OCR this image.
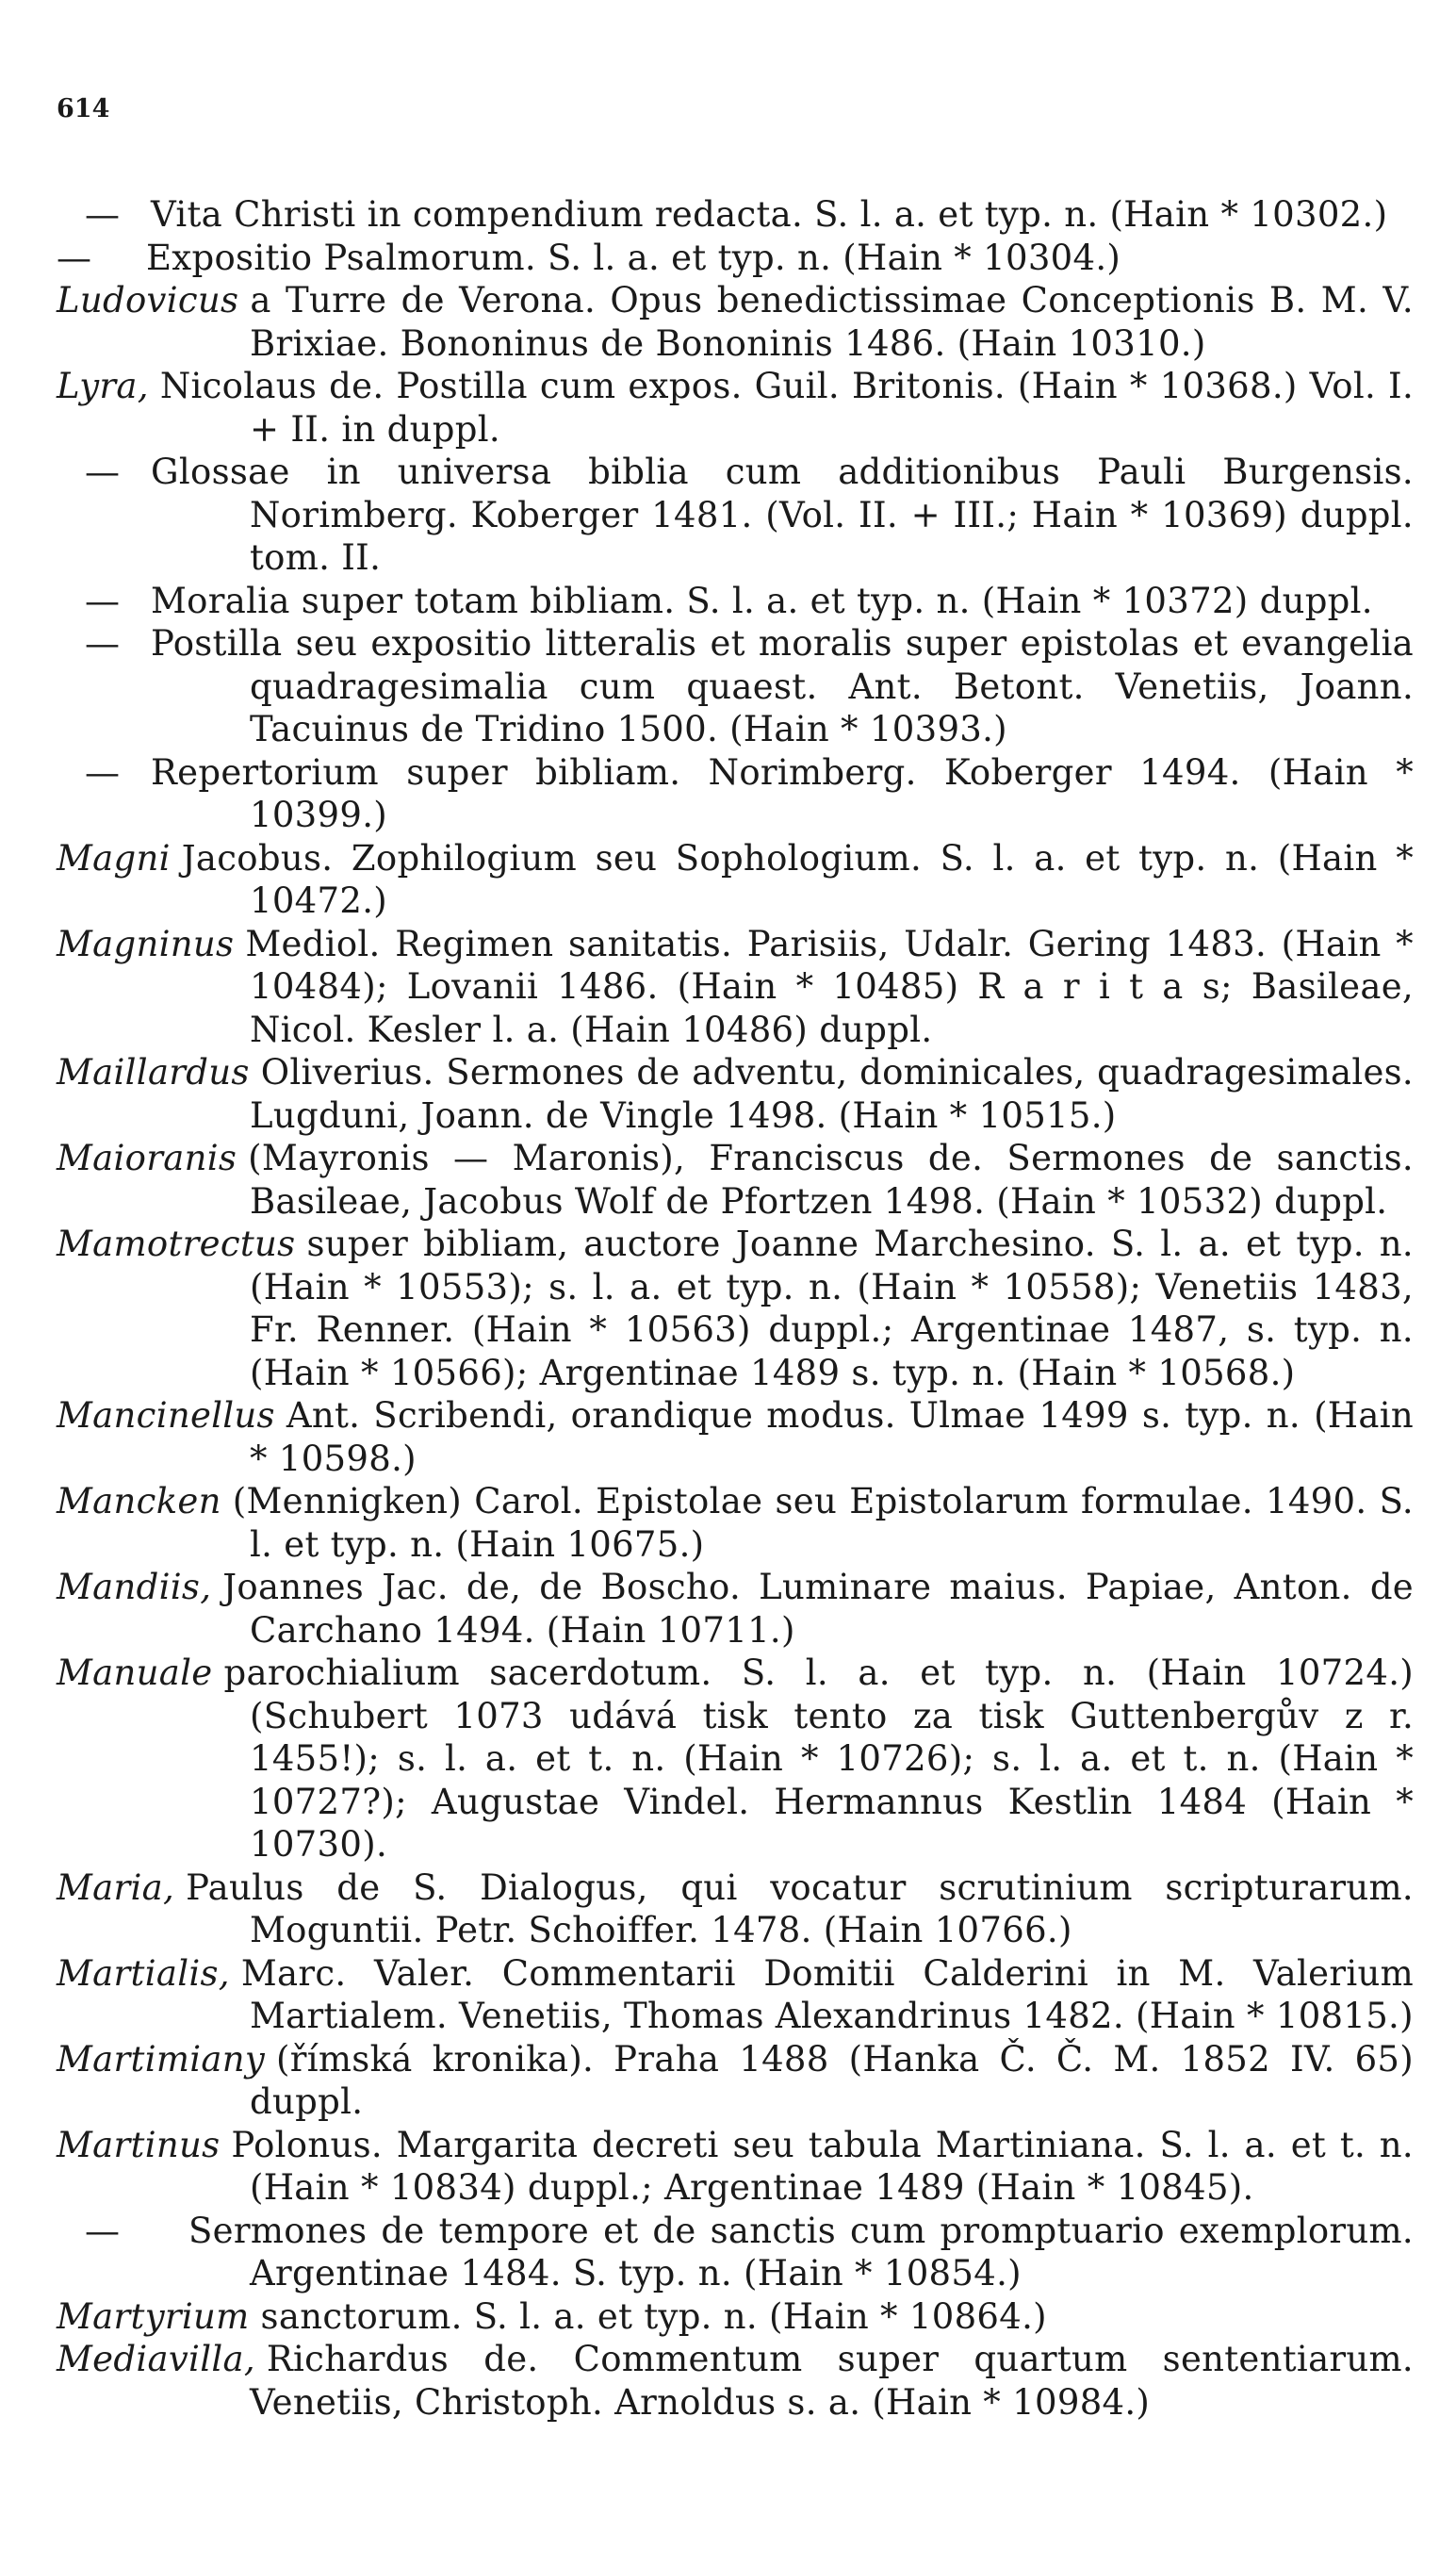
614
— Vita Christi in compendium redacta. S. l. a. et typ. n. (Hain * 10302.)
— Expositio Psalmorum. S. l. a. et typ. n. (Hain * 10304.)
Ludovicus a Turre de Verona. Opus benedictissimae Conceptionis B. M. V. Brixiae. Bononinus de Bononinis 1486. (Hain 10310.)
Lyra, Nicolaus de. Postilla cum expos. Guil. Britonis. (Hain * 10368.) Vol. I. + II. in duppl.
— Glossae in universa biblia cum additionibus Pauli Burgensis. Norimberg. Koberger 1481. (Vol. II. + III.; Hain * 10369) duppl. tom. II.
— Moralia super totam bibliam. S. l. a. et typ. n. (Hain * 10372) duppl.
— Postilla seu expositio litteralis et moralis super epistolas et evangelia quadragesimalia cum quaest. Ant. Betont. Venetiis, Joann. Tacuinus de Tridino 1500. (Hain * 10393.)
— Repertorium super bibliam. Norimberg. Koberger 1494. (Hain * 10399.)
Magni Jacobus. Zophilogium seu Sophologium. S. l. a. et typ. n. (Hain * 10472.)
Magninus Mediol. Regimen sanitatis. Parisiis, Udalr. Gering 1483. (Hain * 10484); Lovanii 1486. (Hain * 10485) R a r i t a s; Basileae, Nicol. Kesler l. a. (Hain 10486) duppl.
Maillardus Oliverius. Sermones de adventu, dominicales, quadragesimales. Lugduni, Joann. de Vingle 1498. (Hain * 10515.)
Maioranis (Mayronis — Maronis), Franciscus de. Sermones de sanctis. Basileae, Jacobus Wolf de Pfortzen 1498. (Hain * 10532) duppl.
Mamotrectus super bibliam, auctore Joanne Marchesino. S. l. a. et typ. n. (Hain * 10553); s. l. a. et typ. n. (Hain * 10558); Venetiis 1483, Fr. Renner. (Hain * 10563) duppl.; Argentinae 1487, s. typ. n. (Hain * 10566); Argentinae 1489 s. typ. n. (Hain * 10568.)
Mancinellus Ant. Scribendi, orandique modus. Ulmae 1499 s. typ. n. (Hain * 10598.)
Mancken (Mennigken) Carol. Epistolae seu Epistolarum formulae. 1490. S. l. et typ. n. (Hain 10675.)
Mandiis, Joannes Jac. de, de Boscho. Luminare maius. Papiae, Anton. de Carchano 1494. (Hain 10711.)
Manuale parochialium sacerdotum. S. l. a. et typ. n. (Hain 10724.) (Schubert 1073 udává tisk tento za tisk Guttenbergův z r. 1455!); s. l. a. et t. n. (Hain * 10726); s. l. a. et t. n. (Hain * 10727?); Augustae Vindel. Hermannus Kestlin 1484 (Hain * 10730).
Maria, Paulus de S. Dialogus, qui vocatur scrutinium scripturarum. Moguntii. Petr. Schoiffer. 1478. (Hain 10766.)
Martialis, Marc. Valer. Commentarii Domitii Calderini in M. Valerium Martialem. Venetiis, Thomas Alexandrinus 1482. (Hain * 10815.)
Martimiany (římská kronika). Praha 1488 (Hanka Č. Č. M. 1852 IV. 65) duppl.
Martinus Polonus. Margarita decreti seu tabula Martiniana. S. l. a. et t. n. (Hain * 10834) duppl.; Argentinae 1489 (Hain * 10845).
— Sermones de tempore et de sanctis cum promptuario exemplorum. Argentinae 1484. S. typ. n. (Hain * 10854.)
Martyrium sanctorum. S. l. a. et typ. n. (Hain * 10864.)
Mediavilla, Richardus de. Commentum super quartum sententiarum. Venetiis, Christoph. Arnoldus s. a. (Hain * 10984.)
